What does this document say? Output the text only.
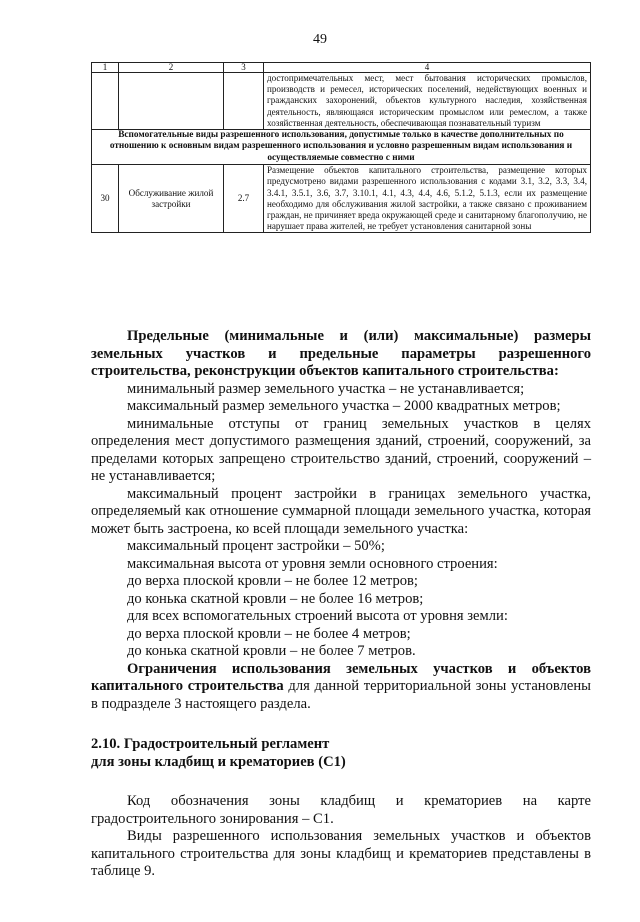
49
1	2	3	4
			достопримечательных мест, мест бытования исторических промыслов, производств и ремесел, исторических поселений, недействующих военных и гражданских захоронений, объектов культурного наследия, хозяйственная деятельность, являющаяся историческим промыслом или ремеслом, а также хозяйственная деятельность, обеспечивающая познавательный туризм
Вспомогательные виды разрешенного использования, допустимые только в качестве дополнительных по отношению к основным видам разрешенного использования и условно разрешенным видам использования и осуществляемые совместно с ними			
30	Обслуживание жилой застройки	2.7	Размещение объектов капитального строительства, размещение которых предусмотрено видами разрешенного использования с кодами 3.1, 3.2, 3.3, 3.4, 3.4.1, 3.5.1, 3.6, 3.7, 3.10.1, 4.1, 4.3, 4.4, 4.6, 5.1.2, 5.1.3, если их размещение необходимо для обслуживания жилой застройки, а также связано с проживанием граждан, не причиняет вреда окружающей среде и санитарному благополучию, не нарушает права жителей, не требует установления санитарной зоны

Предельные (минимальные и (или) максимальные) размеры земельных участков и предельные параметры разрешенного строительства, реконструкции объектов капитального строительства:

минимальный размер земельного участка – не устанавливается;

максимальный размер земельного участка – 2000 квадратных метров;

минимальные отступы от границ земельных участков в целях определения мест допустимого размещения зданий, строений, сооружений, за пределами которых запрещено строительство зданий, строений, сооружений – не устанавливается;

максимальный процент застройки в границах земельного участка, определяемый как отношение суммарной площади земельного участка, которая может быть застроена, ко всей площади земельного участка:

максимальный процент застройки – 50%;

максимальная высота от уровня земли основного строения:

до верха плоской кровли – не более 12 метров;

до конька скатной кровли – не более 16 метров;

для всех вспомогательных строений высота от уровня земли:

до верха плоской кровли – не более 4 метров;

до конька скатной кровли – не более 7 метров.

Ограничения использования земельных участков и объектов капитального строительства для данной территориальной зоны установлены в подразделе 3 настоящего раздела.

2.10. Градостроительный регламент
для зоны кладбищ и крематориев (С1)

Код обозначения зоны кладбищ и крематориев на карте градостроительного зонирования – С1.

Виды разрешенного использования земельных участков и объектов капитального строительства для зоны кладбищ и крематориев представлены в таблице 9.
